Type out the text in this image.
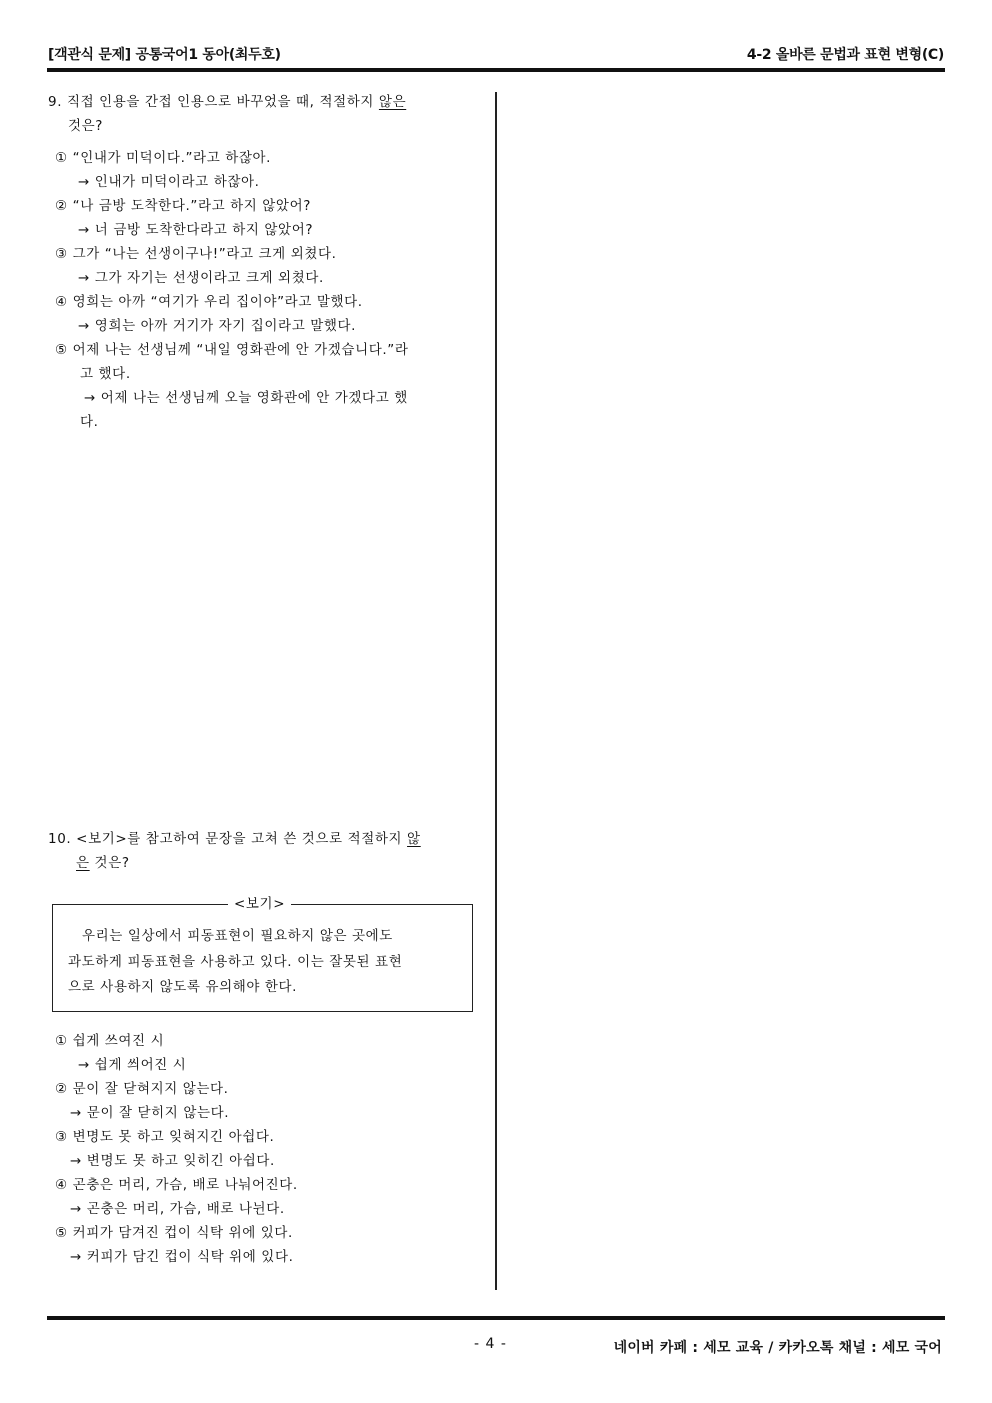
[객관식 문제] 공통국어1 동아(최두호)	4-2 올바른 문법과 표현 변형(C)

9. 직접 인용을 간접 인용으로 바꾸었을 때, 적절하지 않은
것은?

① “인내가 미덕이다.”라고 하잖아.
→ 인내가 미덕이라고 하잖아.
② “나 금방 도착한다.”라고 하지 않았어?
→ 너 금방 도착한다라고 하지 않았어?
③ 그가 “나는 선생이구나!”라고 크게 외쳤다.
→ 그가 자기는 선생이라고 크게 외쳤다.
④ 영희는 아까 “여기가 우리 집이야”라고 말했다.
→ 영희는 아까 거기가 자기 집이라고 말했다.
⑤ 어제 나는 선생님께 “내일 영화관에 안 가겠습니다.”라
고 했다.
→ 어제 나는 선생님께 오늘 영화관에 안 가겠다고 했
다.

10. <보기>를 참고하여 문장을 고쳐 쓴 것으로 적절하지 않
은 것은?

<보기>
우리는 일상에서 피동표현이 필요하지 않은 곳에도
과도하게 피동표현을 사용하고 있다. 이는 잘못된 표현
으로 사용하지 않도록 유의해야 한다.
① 쉽게 쓰여진 시
→ 쉽게 씌어진 시
② 문이 잘 닫혀지지 않는다.
→ 문이 잘 닫히지 않는다.
③ 변명도 못 하고 잊혀지긴 아쉽다.
→ 변명도 못 하고 잊히긴 아쉽다.
④ 곤충은 머리, 가슴, 배로 나눠어진다.
→ 곤충은 머리, 가슴, 배로 나뉜다.
⑤ 커피가 담겨진 컵이 식탁 위에 있다.
→ 커피가 담긴 컵이 식탁 위에 있다.
- 4 -	네이버 카페 : 세모 교육 / 카카오톡 채널 : 세모 국어
